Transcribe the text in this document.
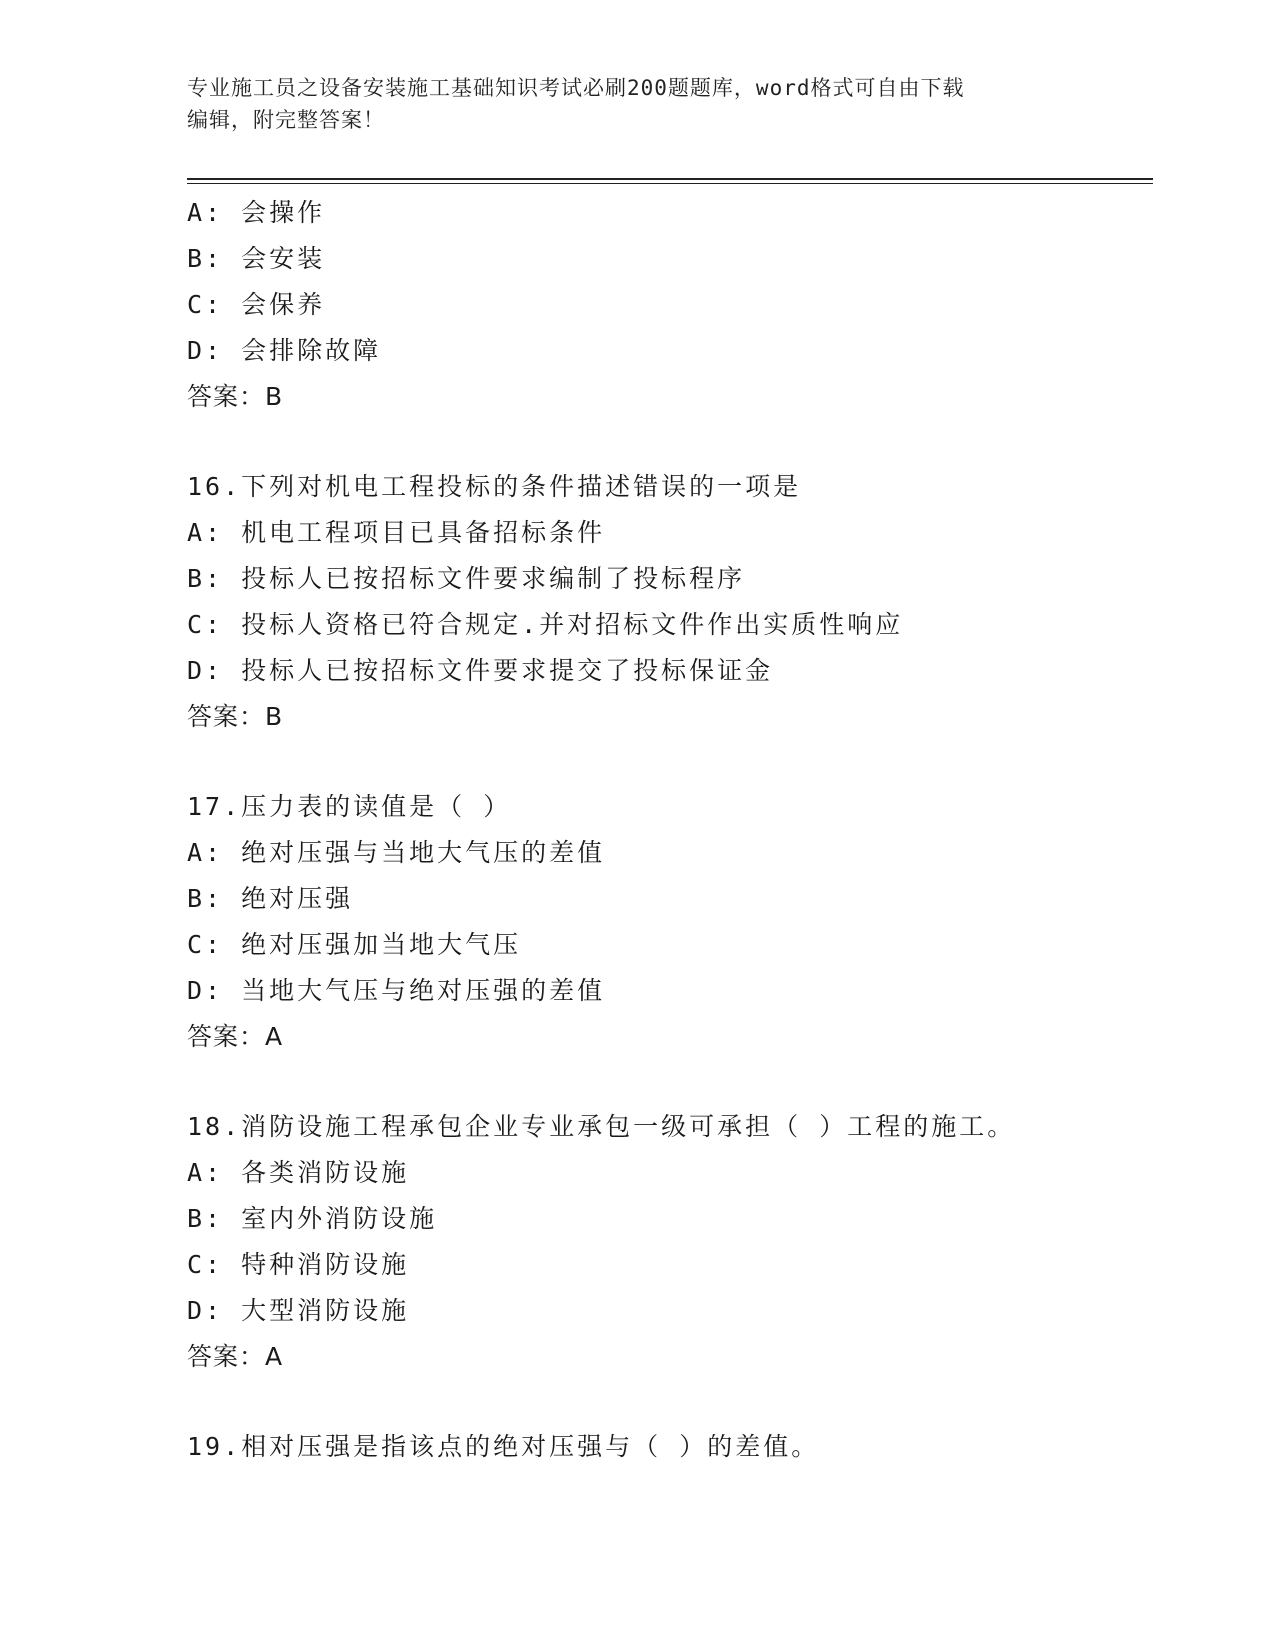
专业施工员之设备安装施工基础知识考试必刷200题题库，word格式可自由下载
编辑，附完整答案！
A: 会操作
B: 会安装
C: 会保养
D: 会排除故障
答案：B
16.下列对机电工程投标的条件描述错误的一项是
A: 机电工程项目已具备招标条件
B: 投标人已按招标文件要求编制了投标程序
C: 投标人资格已符合规定.并对招标文件作出实质性响应
D: 投标人已按招标文件要求提交了投标保证金
答案：B
17.压力表的读值是（ ）
A: 绝对压强与当地大气压的差值
B: 绝对压强
C: 绝对压强加当地大气压
D: 当地大气压与绝对压强的差值
答案：A
18.消防设施工程承包企业专业承包一级可承担（ ）工程的施工。
A: 各类消防设施
B: 室内外消防设施
C: 特种消防设施
D: 大型消防设施
答案：A
19.相对压强是指该点的绝对压强与（ ）的差值。
